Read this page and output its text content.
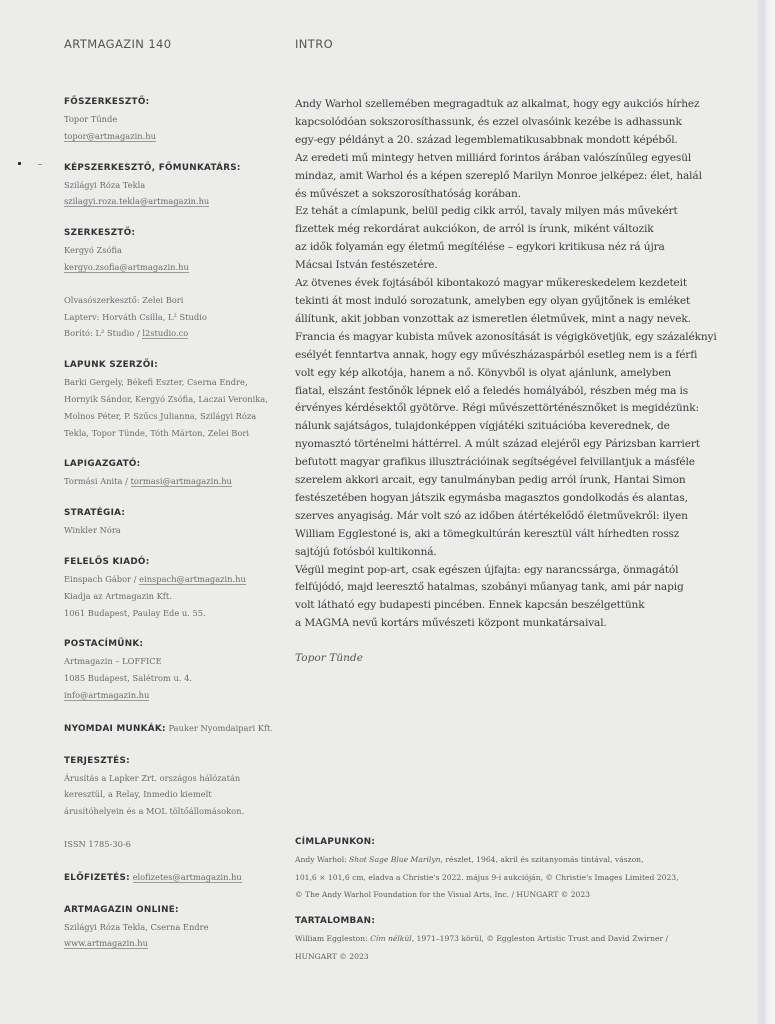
ARTMAGAZIN 140	INTRO
FŐSZERKESZTŐ:
Topor Tünde
topor@artmagazin.hu
KÉPSZERKESZTŐ, FŐMUNKATÁRS:
Szilágyi Róza Tekla
szilagyi.roza.tekla@artmagazin.hu
SZERKESZTŐ:
Kergyó Zsófia
kergyo.zsofia@artmagazin.hu
Olvasószerkesztő: Zelei Bori
Lapterv: Horváth Csilla, L² Studio
Borító: L² Studio / l2studio.co
LAPUNK SZERZŐI:
Barki Gergely, Békefi Eszter, Cserna Endre,
Hornyik Sándor, Kergyó Zsófia, Laczai Veronika,
Molnos Péter, P. Szűcs Julianna, Szilágyi Róza
Tekla, Topor Tünde, Tóth Márton, Zelei Bori
LAPIGAZGATÓ:
Tormási Anita / tormasi@artmagazin.hu
STRATÉGIA:
Winkler Nóra
FELELŐS KIADÓ:
Einspach Gábor / einspach@artmagazin.hu
Kiadja az Artmagazin Kft.
1061 Budapest, Paulay Ede u. 55.
POSTACÍMÜNK:
Artmagazin – LOFFICE
1085 Budapest, Salétrom u. 4.
info@artmagazin.hu
NYOMDAI MUNKÁK: Pauker Nyomdaipari Kft.
TERJESZTÉS:
Árusítás a Lapker Zrt. országos hálózatán
keresztül, a Relay, Inmedio kiemelt
árusítóhelyein és a MOL töltőállomásokon.
ISSN 1785-30-6
ELŐFIZETÉS: elofizetes@artmagazin.hu
ARTMAGAZIN ONLINE:
Szilágyi Róza Tekla, Cserna Endre
www.artmagazin.hu
Andy Warhol szellemében megragadtuk az alkalmat, hogy egy aukciós hírhez
kapcsolódóan sokszorosíthassunk, és ezzel olvasóink kezébe is adhassunk
egy-egy példányt a 20. század legemblematikusabbnak mondott képéből.
Az eredeti mű mintegy hetven milliárd forintos árában valószínűleg egyesül
mindaz, amit Warhol és a képen szereplő Marilyn Monroe jelképez: élet, halál
és művészet a sokszorosíthatóság korában.
Ez tehát a címlapunk, belül pedig cikk arról, tavaly milyen más művekért
fizettek még rekordárat aukciókon, de arról is írunk, miként változik
az idők folyamán egy életmű megítélése – egykori kritikusa néz rá újra
Mácsai István festészetére.
Az ötvenes évek fojtásából kibontakozó magyar műkereskedelem kezdeteit
tekinti át most induló sorozatunk, amelyben egy olyan gyűjtőnek is emléket
állítunk, akit jobban vonzottak az ismeretlen életművek, mint a nagy nevek.
Francia és magyar kubista művek azonosítását is végigkövetjük, egy százaléknyi
esélyét fenntartva annak, hogy egy művészházaspárból esetleg nem is a férfi
volt egy kép alkotója, hanem a nő. Könyvből is olyat ajánlunk, amelyben
fiatal, elszánt festőnők lépnek elő a feledés homályából, részben még ma is
érvényes kérdésektől gyötörve. Régi művészettörténésznőket is megidézünk:
nálunk sajátságos, tulajdonképpen vígjátéki szituációba keverednek, de
nyomasztó történelmi háttérrel. A múlt század elejéről egy Párizsban karriert
befutott magyar grafikus illusztrációinak segítségével felvillantjuk a másféle
szerelem akkori arcait, egy tanulmányban pedig arról írunk, Hantai Simon
festészetében hogyan játszik egymásba magasztos gondolkodás és alantas,
szerves anyagiság. Már volt szó az időben átértékelődő életművekről: ilyen
William Egglestoné is, aki a tömegkultúrán keresztül vált hírhedten rossz
sajtójú fotósból kultikonná.
Végül megint pop-art, csak egészen újfajta: egy narancssárga, önmagától
felfújódó, majd leeresztő hatalmas, szobányi műanyag tank, ami pár napig
volt látható egy budapesti pincében. Ennek kapcsán beszélgettünk
a MAGMA nevű kortárs művészeti központ munkatársaival.
Topor Tünde
CÍMLAPUNKON:
Andy Warhol: Shot Sage Blue Marilyn, részlet, 1964, akril és szitanyomás tintával, vászon,
101,6 × 101,6 cm, eladva a Christie's 2022. május 9-i aukcióján, © Christie's Images Limited 2023,
© The Andy Warhol Foundation for the Visual Arts, Inc. / HUNGART © 2023
TARTALOMBAN:
William Eggleston: Cím nélkül, 1971–1973 körül, © Eggleston Artistic Trust and David Zwirner /
HUNGART © 2023
